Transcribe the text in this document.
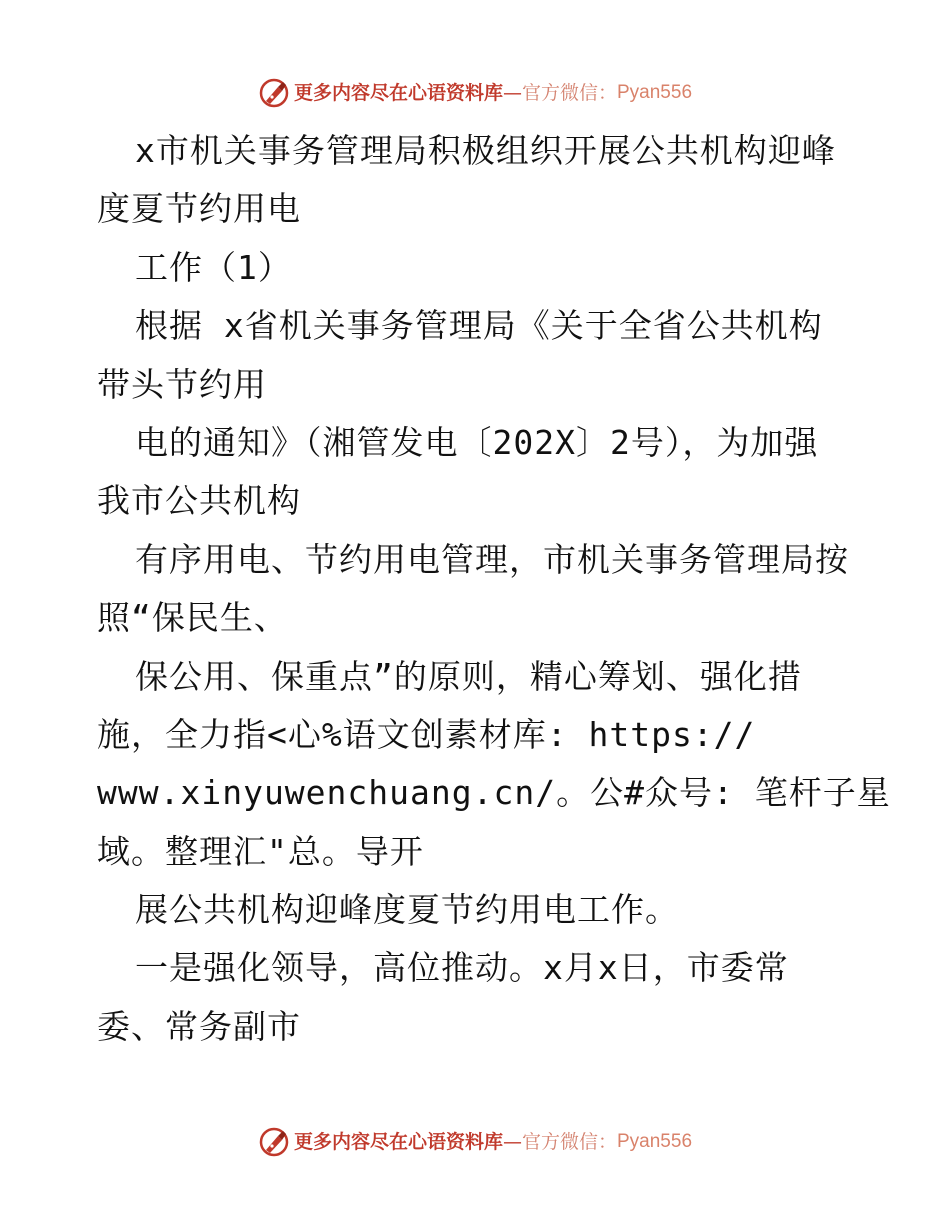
更多内容尽在心语资料库—官方微信：Pyan556
x市机关事务管理局积极组织开展公共机构迎峰
度夏节约用电
工作（1）
根据 x省机关事务管理局《关于全省公共机构
带头节约用
电的通知》（湘管发电〔202X〕2号），为加强
我市公共机构
有序用电、节约用电管理，市机关事务管理局按
照“保民生、
保公用、保重点”的原则，精心筹划、强化措
施，全力指<心%语文创素材库: https://
www.xinyuwenchuang.cn/。公#众号: 笔杆子星
域。整理汇"总。导开
展公共机构迎峰度夏节约用电工作。
一是强化领导，高位推动。x月x日，市委常
委、常务副市
更多内容尽在心语资料库—官方微信：Pyan556
